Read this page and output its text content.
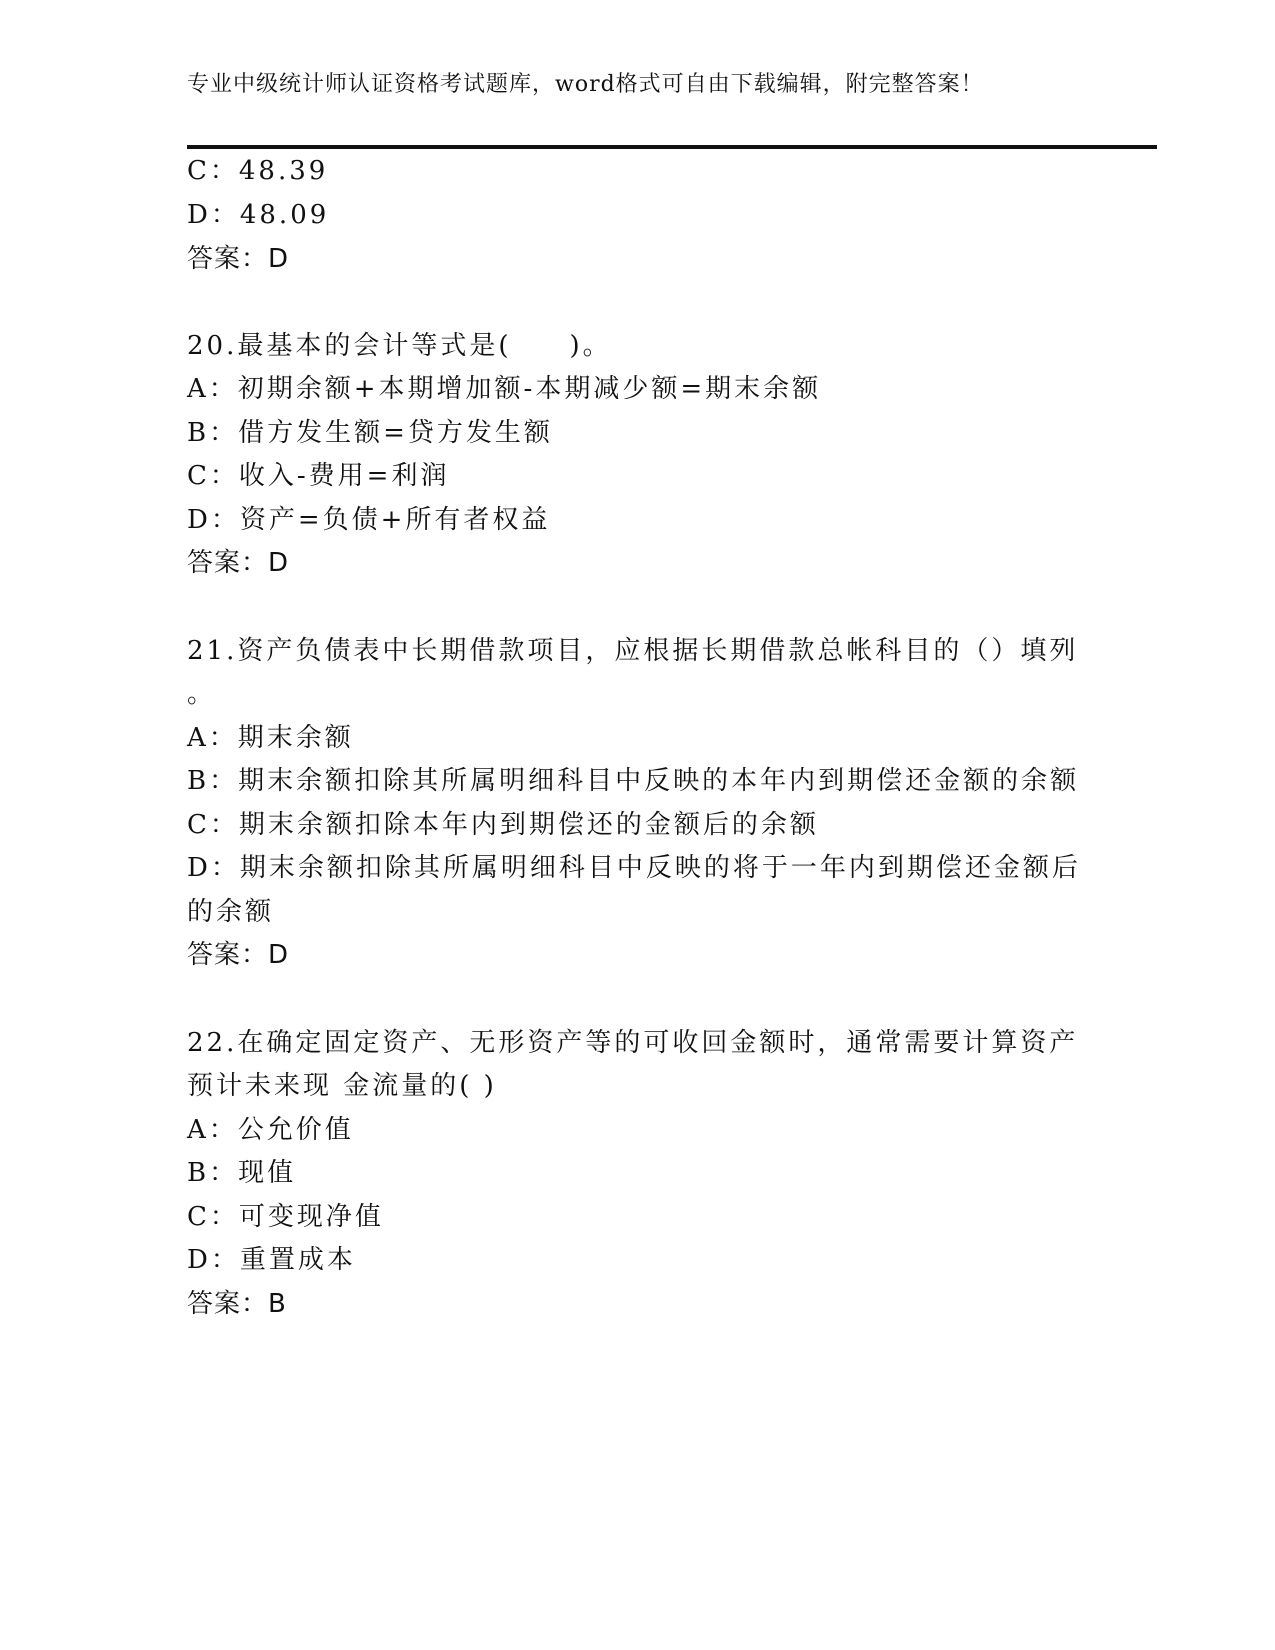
专业中级统计师认证资格考试题库，word格式可自由下载编辑，附完整答案！
C：48.39
D：48.09
答案：D
20.最基本的会计等式是(　　)。
A：初期余额+本期增加额-本期减少额=期末余额
B：借方发生额=贷方发生额
C：收入-费用=利润
D：资产=负债+所有者权益
答案：D
21.资产负债表中长期借款项目，应根据长期借款总帐科目的（）填列
。
A：期末余额
B：期末余额扣除其所属明细科目中反映的本年内到期偿还金额的余额
C：期末余额扣除本年内到期偿还的金额后的余额
D：期末余额扣除其所属明细科目中反映的将于一年内到期偿还金额后
的余额
答案：D
22.在确定固定资产、无形资产等的可收回金额时，通常需要计算资产
预计未来现 金流量的( )
A：公允价值
B：现值
C：可变现净值
D：重置成本
答案：B
